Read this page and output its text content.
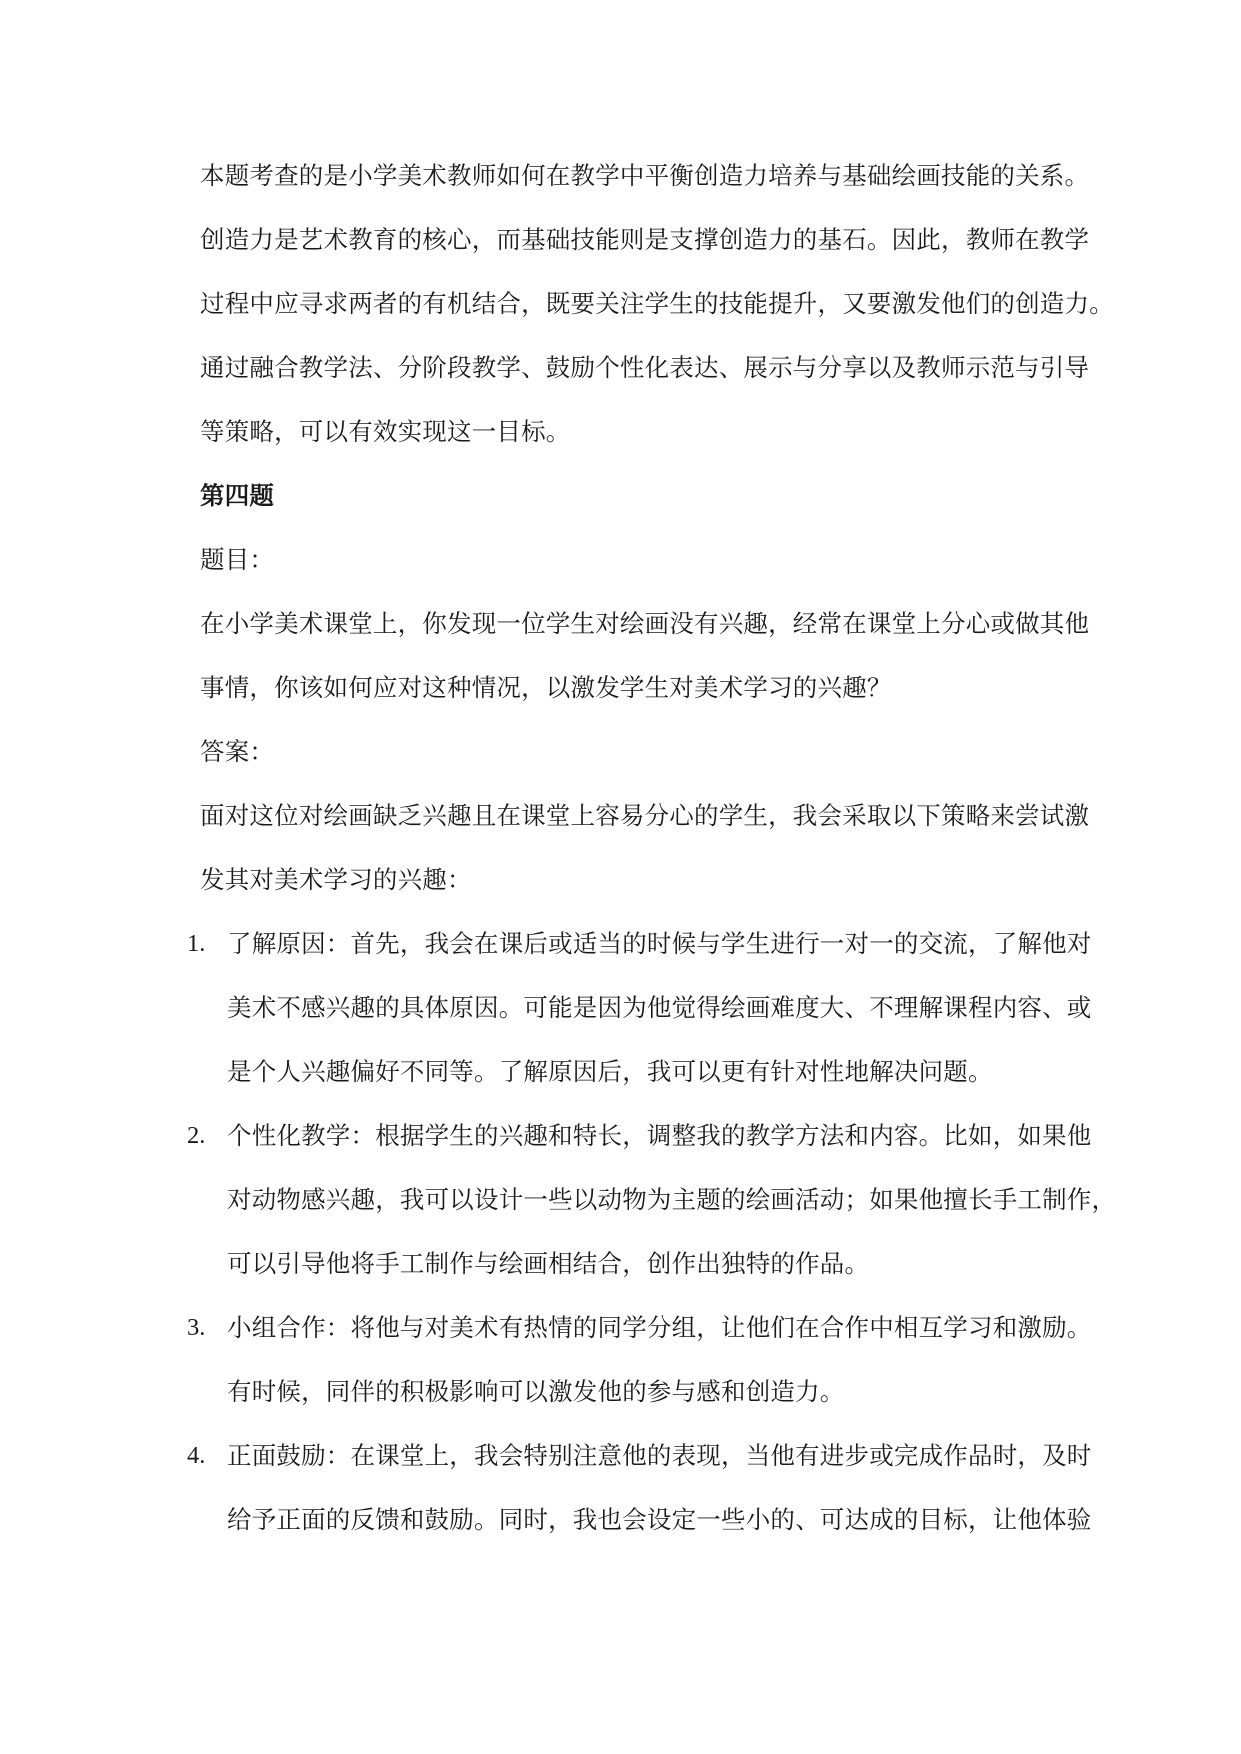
本题考查的是小学美术教师如何在教学中平衡创造力培养与基础绘画技能的关系。
创造力是艺术教育的核心，而基础技能则是支撑创造力的基石。因此，教师在教学
过程中应寻求两者的有机结合，既要关注学生的技能提升，又要激发他们的创造力。
通过融合教学法、分阶段教学、鼓励个性化表达、展示与分享以及教师示范与引导
等策略，可以有效实现这一目标。
第四题
题目：
在小学美术课堂上，你发现一位学生对绘画没有兴趣，经常在课堂上分心或做其他
事情，你该如何应对这种情况，以激发学生对美术学习的兴趣？
答案：
面对这位对绘画缺乏兴趣且在课堂上容易分心的学生，我会采取以下策略来尝试激
发其对美术学习的兴趣：
1. 了解原因：首先，我会在课后或适当的时候与学生进行一对一的交流，了解他对
美术不感兴趣的具体原因。可能是因为他觉得绘画难度大、不理解课程内容、或
是个人兴趣偏好不同等。了解原因后，我可以更有针对性地解决问题。
2. 个性化教学：根据学生的兴趣和特长，调整我的教学方法和内容。比如，如果他
对动物感兴趣，我可以设计一些以动物为主题的绘画活动；如果他擅长手工制作，
可以引导他将手工制作与绘画相结合，创作出独特的作品。
3. 小组合作：将他与对美术有热情的同学分组，让他们在合作中相互学习和激励。
有时候，同伴的积极影响可以激发他的参与感和创造力。
4. 正面鼓励：在课堂上，我会特别注意他的表现，当他有进步或完成作品时，及时
给予正面的反馈和鼓励。同时，我也会设定一些小的、可达成的目标，让他体验
